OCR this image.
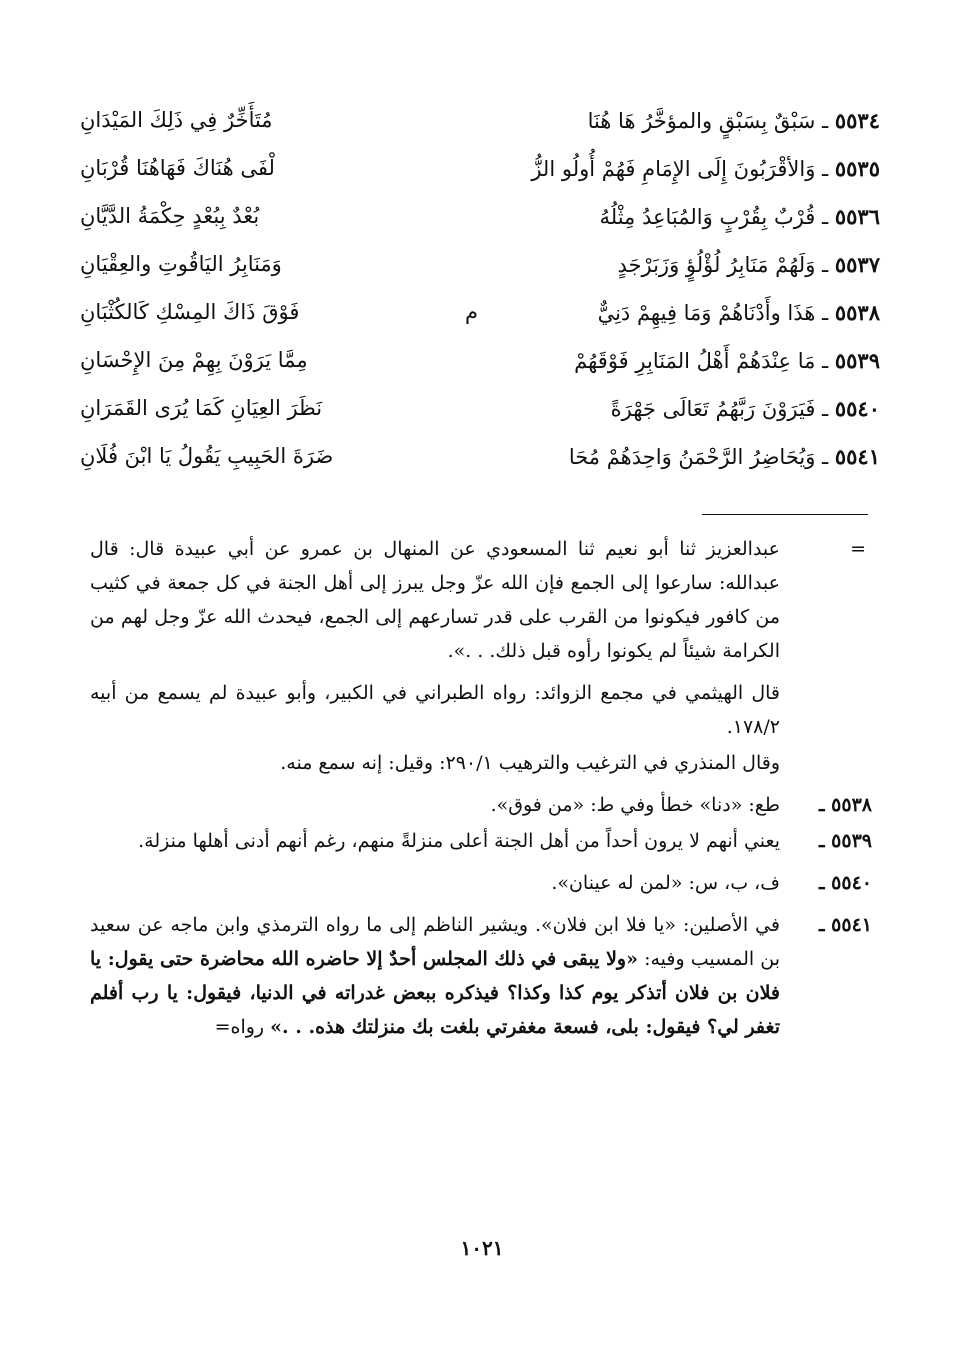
٥٥٣٤ ـ سَبْقٌ بِسَبْقٍ والمؤخَّرُ هَا هُنَا
مُتَأَخِّرٌ فِي ذَلِكَ المَيْدَانِ
٥٥٣٥ ـ وَالأقْرَبُونَ إِلَى الإِمَامِ فَهُمْ أُولُو الزُّ
لْفَى هُنَاكَ فَهَاهُنَا قُرْبَانِ
٥٥٣٦ ـ قُرْبٌ بِقُرْبٍ وَالمُبَاعِدُ مِثْلُهُ
بُعْدٌ بِبُعْدٍ حِكْمَةُ الدَّيَّانِ
٥٥٣٧ ـ وَلَهُمْ مَنَابِرُ لُؤْلُؤٍ وَزَبَرْجَدٍ
وَمَنَابِرُ اليَاقُوتِ والعِقْيَانِ
٥٥٣٨ ـ هَذَا وأَدْنَاهُمْ وَمَا فِيهِمْ دَنِيٌّ
م
فَوْقَ ذَاكَ المِسْكِ كَالكُثْبَانِ
٥٥٣٩ ـ مَا عِنْدَهُمْ أَهْلُ المَنَابِرِ فَوْقَهُمْ
مِمَّا يَرَوْنَ بِهِمْ مِنَ الإِحْسَانِ
٥٥٤٠ ـ فَيَرَوْنَ رَبَّهُمُ تَعَالَى جَهْرَةً
نَظَرَ العِيَانِ كَمَا يُرَى القَمَرَانِ
٥٥٤١ ـ وَيُحَاضِرُ الرَّحْمَنُ وَاحِدَهُمْ مُحَا
ضَرَةَ الحَبِيبِ يَقُولُ يَا ابْنَ فُلَانِ
=
عبدالعزيز ثنا أبو نعيم ثنا المسعودي عن المنهال بن عمرو عن أبي عبيدة قال: قال عبدالله: سارعوا إلى الجمع فإن الله عزّ وجل يبرز إلى أهل الجنة في كل جمعة في كثيب من كافور فيكونوا من القرب على قدر تسارعهم إلى الجمع، فيحدث الله عزّ وجل لهم من الكرامة شيئاً لم يكونوا رأوه قبل ذلك. . .».
قال الهيثمي في مجمع الزوائد: رواه الطبراني في الكبير، وأبو عبيدة لم يسمع من أبيه ١٧٨/٢.
وقال المنذري في الترغيب والترهيب ٢٩٠/١: وقيل: إنه سمع منه.
٥٥٣٨ ـ
طع: «دنا» خطأ وفي ط: «من فوق».
٥٥٣٩ ـ
يعني أنهم لا يرون أحداً من أهل الجنة أعلى منزلةً منهم، رغم أنهم أدنى أهلها منزلة.
٥٥٤٠ ـ
ف، ب، س: «لمن له عينان».
٥٥٤١ ـ
في الأصلين: «يا فلا ابن فلان». ويشير الناظم إلى ما رواه الترمذي وابن ماجه عن سعيد بن المسيب وفيه: «ولا يبقى في ذلك المجلس أحدٌ إلا حاضره الله محاضرة حتى يقول: يا فلان بن فلان أتذكر يوم كذا وكذا؟ فيذكره ببعض غدراته في الدنيا، فيقول: يا رب أفلم تغفر لي؟ فيقول: بلى، فسعة مغفرتي بلغت بك منزلتك هذه. . .» رواه=
١٠٢١
